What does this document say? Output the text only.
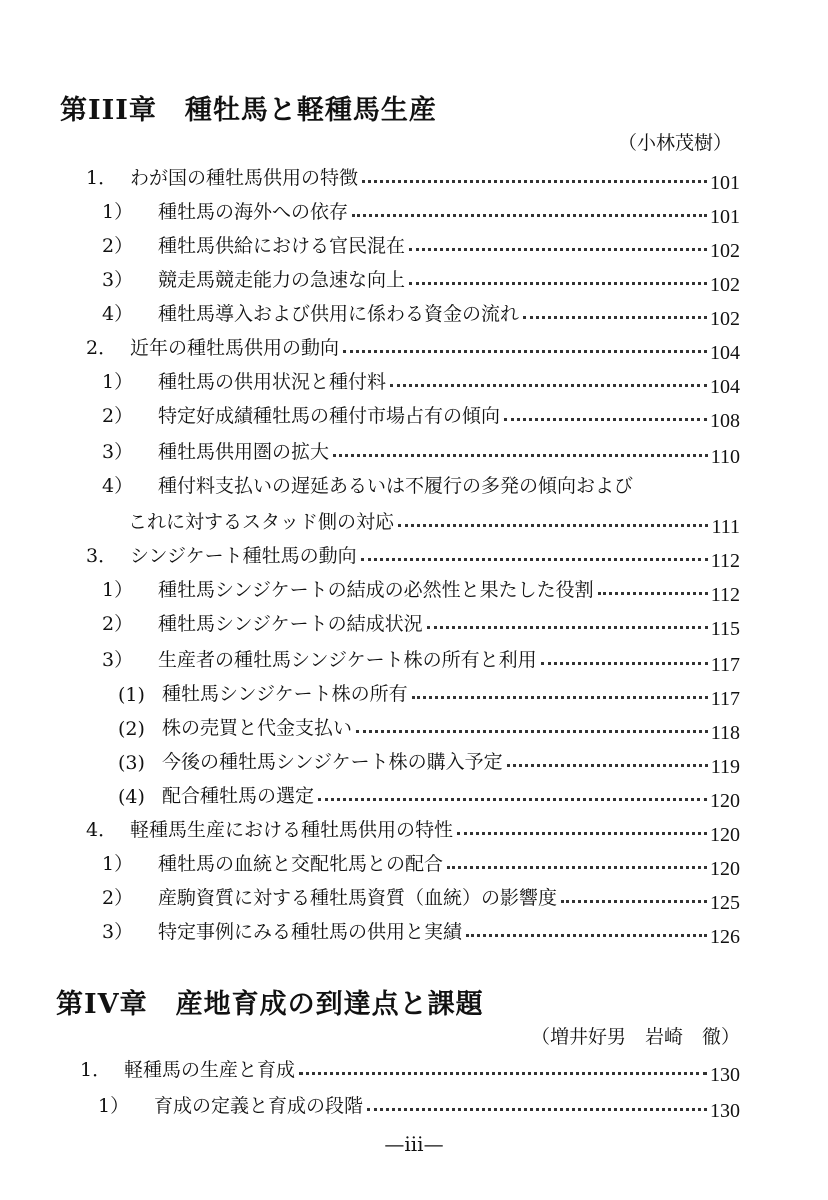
第III章 種牡馬と軽種馬生産
（小林茂樹）
1． わが国の種牡馬供用の特徴	101
1）	種牡馬の海外への依存	101
2）	種牡馬供給における官民混在	102
3）	競走馬競走能力の急速な向上	102
4）	種牡馬導入および供用に係わる資金の流れ	102
2． 近年の種牡馬供用の動向	104
1）	種牡馬の供用状況と種付料	104
2）	特定好成績種牡馬の種付市場占有の傾向	108
3）	種牡馬供用圏の拡大	110
4）	種付料支払いの遅延あるいは不履行の多発の傾向および
これに対するスタッド側の対応	111
3． シンジケート種牡馬の動向	112
1）	種牡馬シンジケートの結成の必然性と果たした役割	112
2）	種牡馬シンジケートの結成状況	115
3）	生産者の種牡馬シンジケート株の所有と利用	117
(1) 種牡馬シンジケート株の所有	117
(2) 株の売買と代金支払い	118
(3) 今後の種牡馬シンジケート株の購入予定	119
(4) 配合種牡馬の選定	120
4． 軽種馬生産における種牡馬供用の特性	120
1）	種牡馬の血統と交配牝馬との配合	120
2）	産駒資質に対する種牡馬資質（血統）の影響度	125
3）	特定事例にみる種牡馬の供用と実績	126
第IV章 産地育成の到達点と課題
（増井好男　岩崎　徹）
1． 軽種馬の生産と育成	130
1）	育成の定義と育成の段階	130
—iii—
